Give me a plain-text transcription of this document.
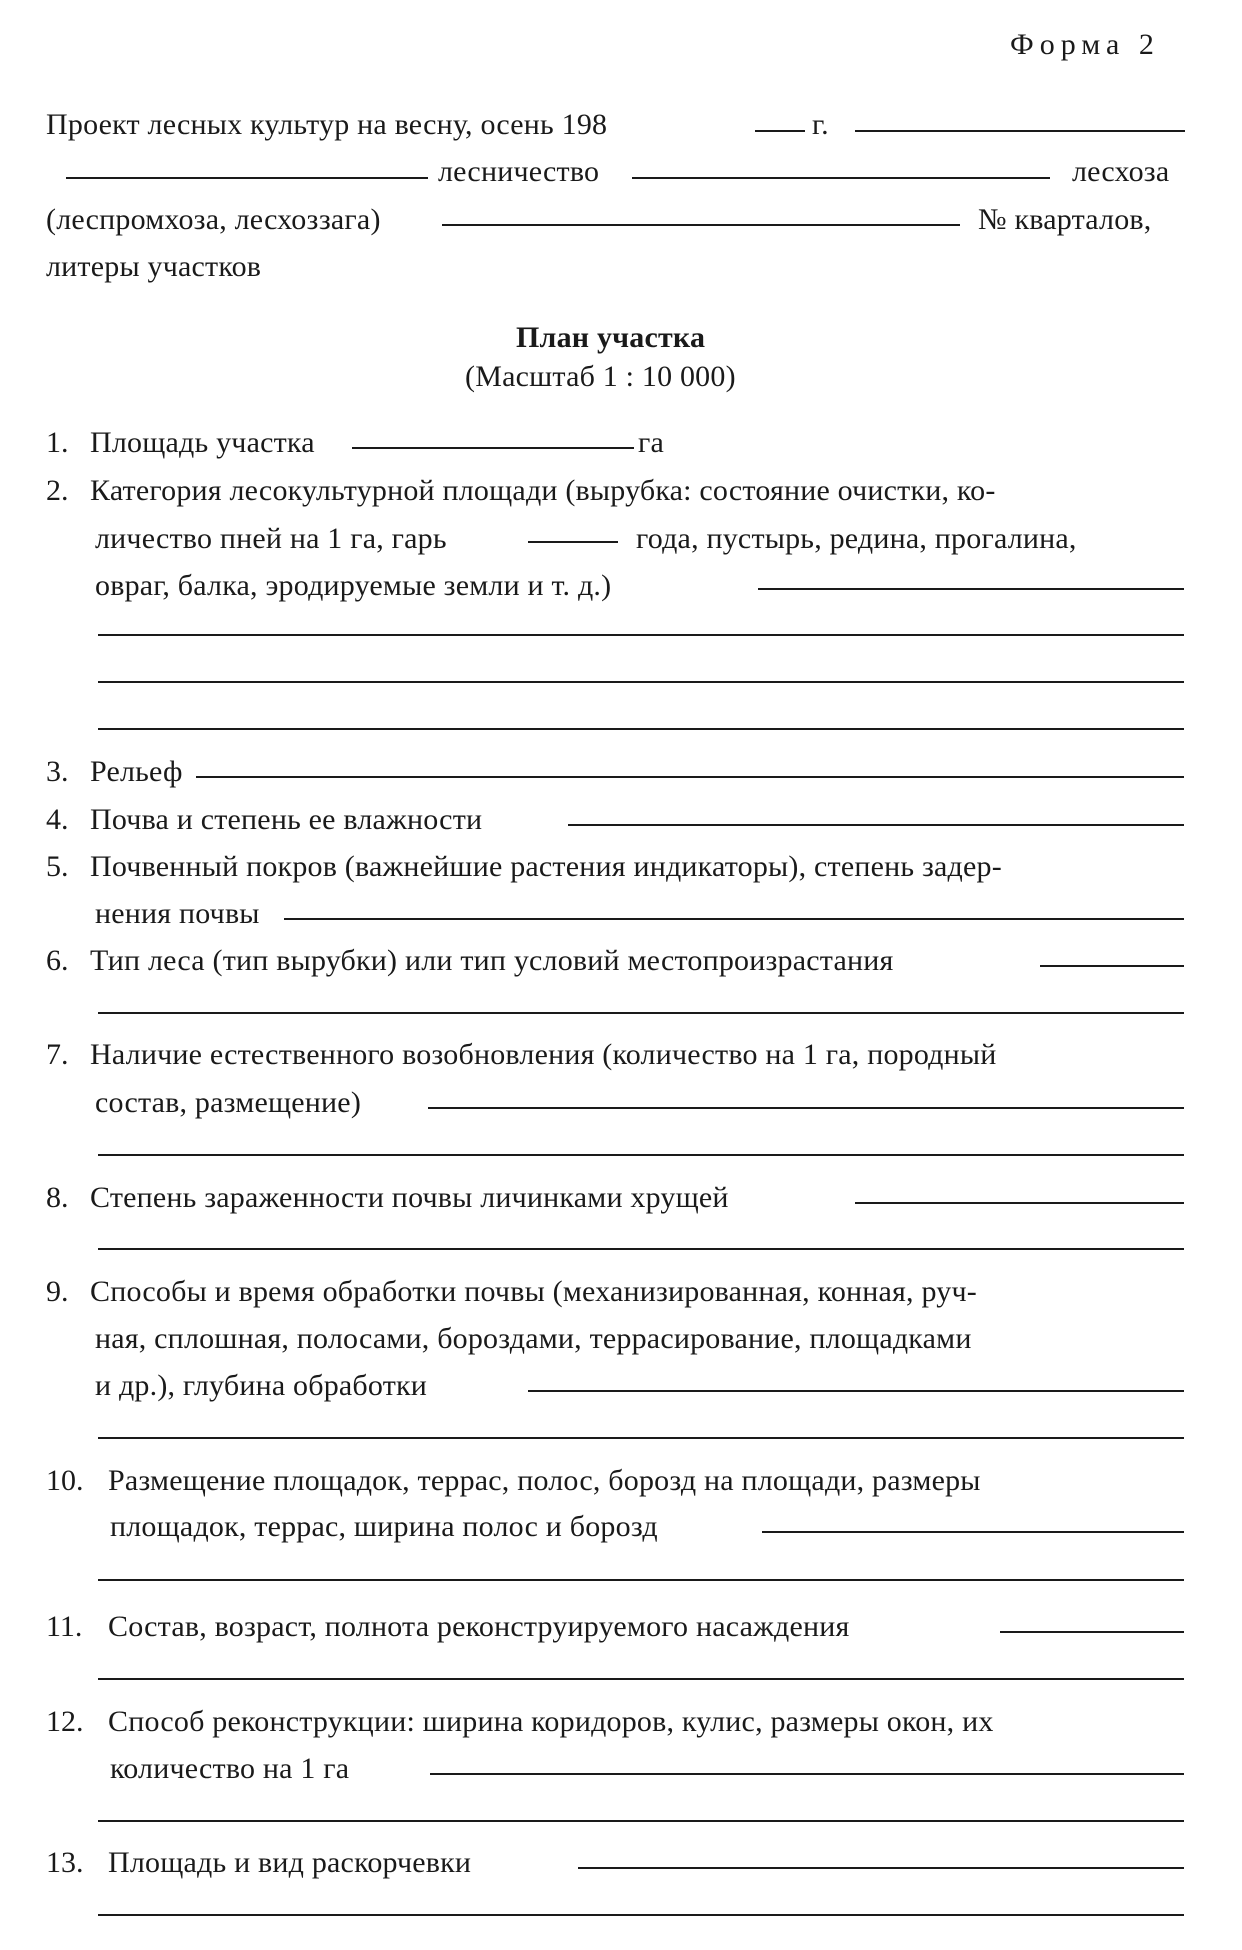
Форма 2
Проект лесных культур на весну, осень 198	г.
лесничество	лесхоза
(леспромхоза, лесхоззага)	№ кварталов,
литеры участков
План участка
(Масштаб 1 : 10 000)
1. Площадь участка	га
2. Категория лесокультурной площади (вырубка: состояние очистки, ко-
личество пней на 1 га, гарь	года, пустырь, редина, прогалина,
овраг, балка, эродируемые земли и т. д.)
3. Рельеф
4. Почва и степень ее влажности
5. Почвенный покров (важнейшие растения индикаторы), степень задер-
нения почвы
6. Тип леса (тип вырубки) или тип условий местопроизрастания
7. Наличие естественного возобновления (количество на 1 га, породный
состав, размещение)
8. Степень зараженности почвы личинками хрущей
9. Способы и время обработки почвы (механизированная, конная, руч-
ная, сплошная, полосами, бороздами, террасирование, площадками
и др.), глубина обработки
10. Размещение площадок, террас, полос, борозд на площади, размеры
площадок, террас, ширина полос и борозд
11. Состав, возраст, полнота реконструируемого насаждения
12. Способ реконструкции: ширина коридоров, кулис, размеры окон, их
количество на 1 га
13. Площадь и вид раскорчевки
